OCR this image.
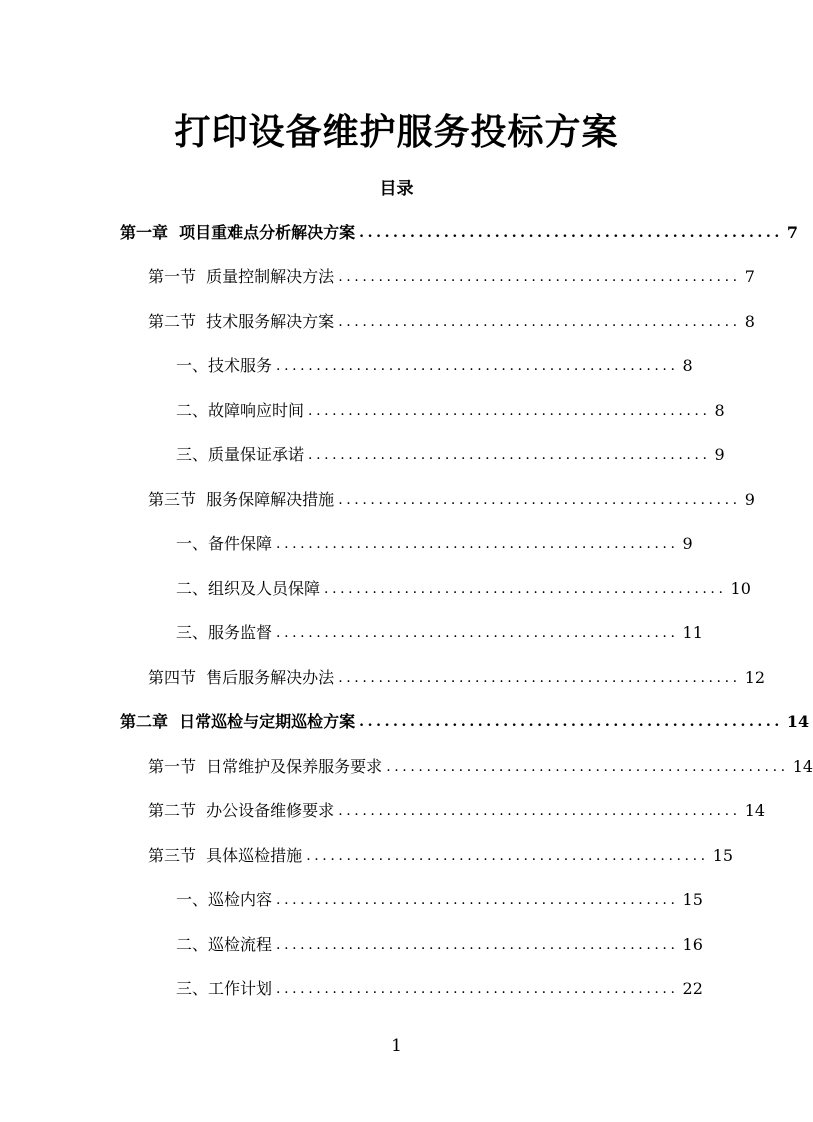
打印设备维护服务投标方案
目录
第一章  项目重难点分析解决方案 .................................................. 7
第一节  质量控制解决方法 .................................................. 7
第二节  技术服务解决方案 .................................................. 8
一、技术服务 .................................................. 8
二、故障响应时间 .................................................. 8
三、质量保证承诺 .................................................. 9
第三节  服务保障解决措施 .................................................. 9
一、备件保障 .................................................. 9
二、组织及人员保障 .................................................. 10
三、服务监督 .................................................. 11
第四节  售后服务解决办法 .................................................. 12
第二章  日常巡检与定期巡检方案 .................................................. 14
第一节  日常维护及保养服务要求 .................................................. 14
第二节  办公设备维修要求 .................................................. 14
第三节  具体巡检措施 .................................................. 15
一、巡检内容 .................................................. 15
二、巡检流程 .................................................. 16
三、工作计划 .................................................. 22
1
